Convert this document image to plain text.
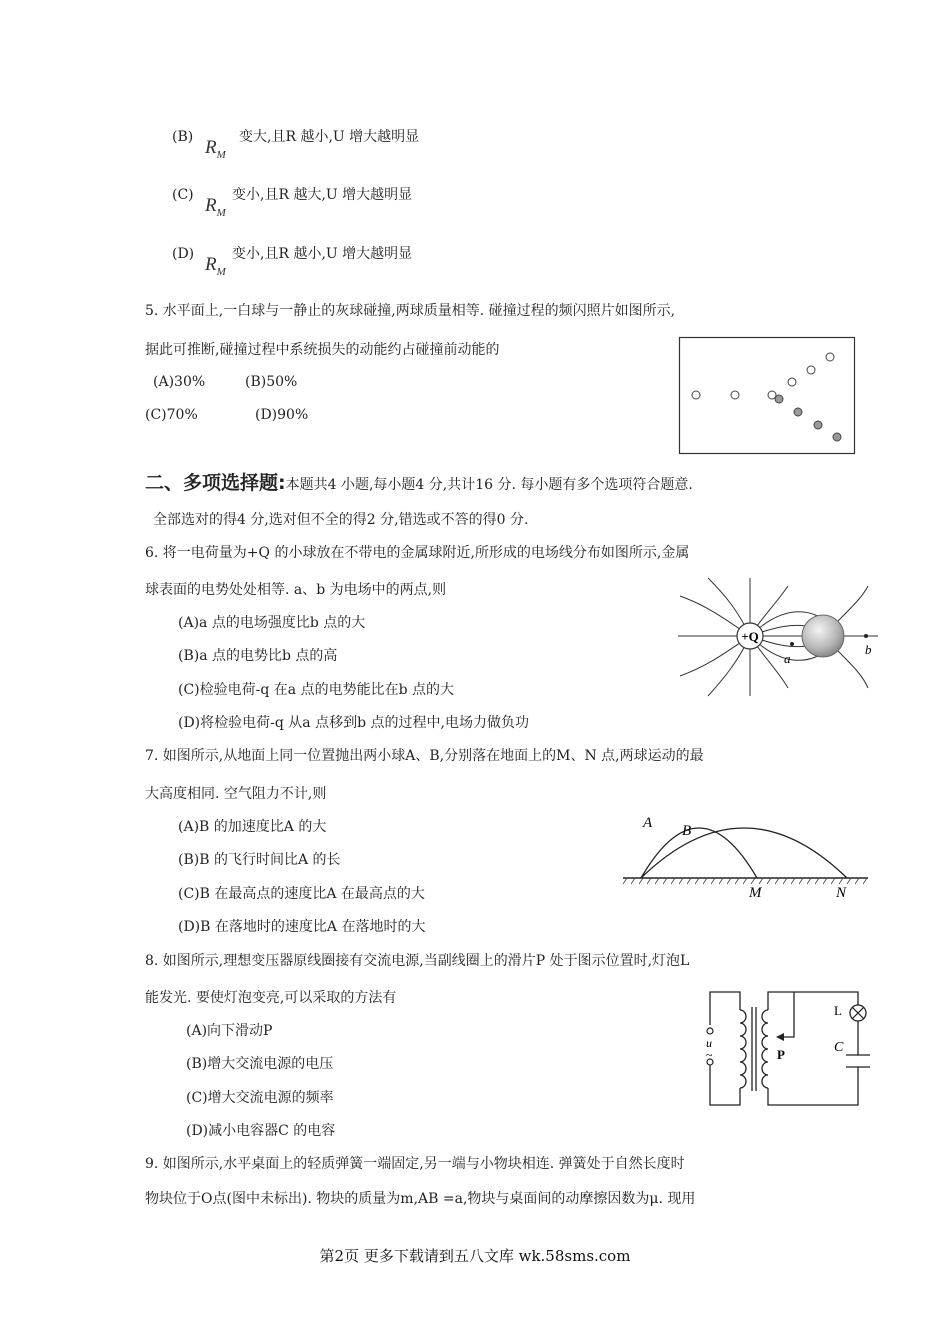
(B) $R_M$
变大,且R 越小,U 增大越明显
(C) $R_M$
变小,且R 越大,U 增大越明显
(D) $R_M$
变小,且R 越小,U 增大越明显
5. 水平面上,一白球与一静止的灰球碰撞,两球质量相等. 碰撞过程的频闪照片如图所示,
据此可推断,碰撞过程中系统损失的动能约占碰撞前动能的
(A)30%	(B)50%
(C)70%	(D)90%
二、多项选择题:本题共4 小题,每小题4 分,共计16 分. 每小题有多个选项符合题意.
全部选对的得4 分,选对但不全的得2 分,错选或不答的得0 分.
6. 将一电荷量为+Q 的小球放在不带电的金属球附近,所形成的电场线分布如图所示,金属
球表面的电势处处相等. a、b 为电场中的两点,则
(A)a 点的电场强度比b 点的大
(B)a 点的电势比b 点的高
(C)检验电荷-q 在a 点的电势能比在b 点的大
(D)将检验电荷-q 从a 点移到b 点的过程中,电场力做负功
+Q
a
b
7. 如图所示,从地面上同一位置抛出两小球A、B,分别落在地面上的M、N 点,两球运动的最
大高度相同. 空气阻力不计,则
(A)B 的加速度比A 的大
(B)B 的飞行时间比A 的长
(C)B 在最高点的速度比A 在最高点的大
(D)B 在落地时的速度比A 在落地时的大
A B
M	N
8. 如图所示,理想变压器原线圈接有交流电源,当副线圈上的滑片P 处于图示位置时,灯泡L
能发光. 要使灯泡变亮,可以采取的方法有
(A)向下滑动P
(B)增大交流电源的电压
(C)增大交流电源的频率
(D)减小电容器C 的电容
L
C
P
u
~
9. 如图所示,水平桌面上的轻质弹簧一端固定,另一端与小物块相连. 弹簧处于自然长度时
物块位于O点(图中未标出). 物块的质量为m,AB =a,物块与桌面间的动摩擦因数为μ. 现用
第2页 更多下载请到五八文库 wk.58sms.com
